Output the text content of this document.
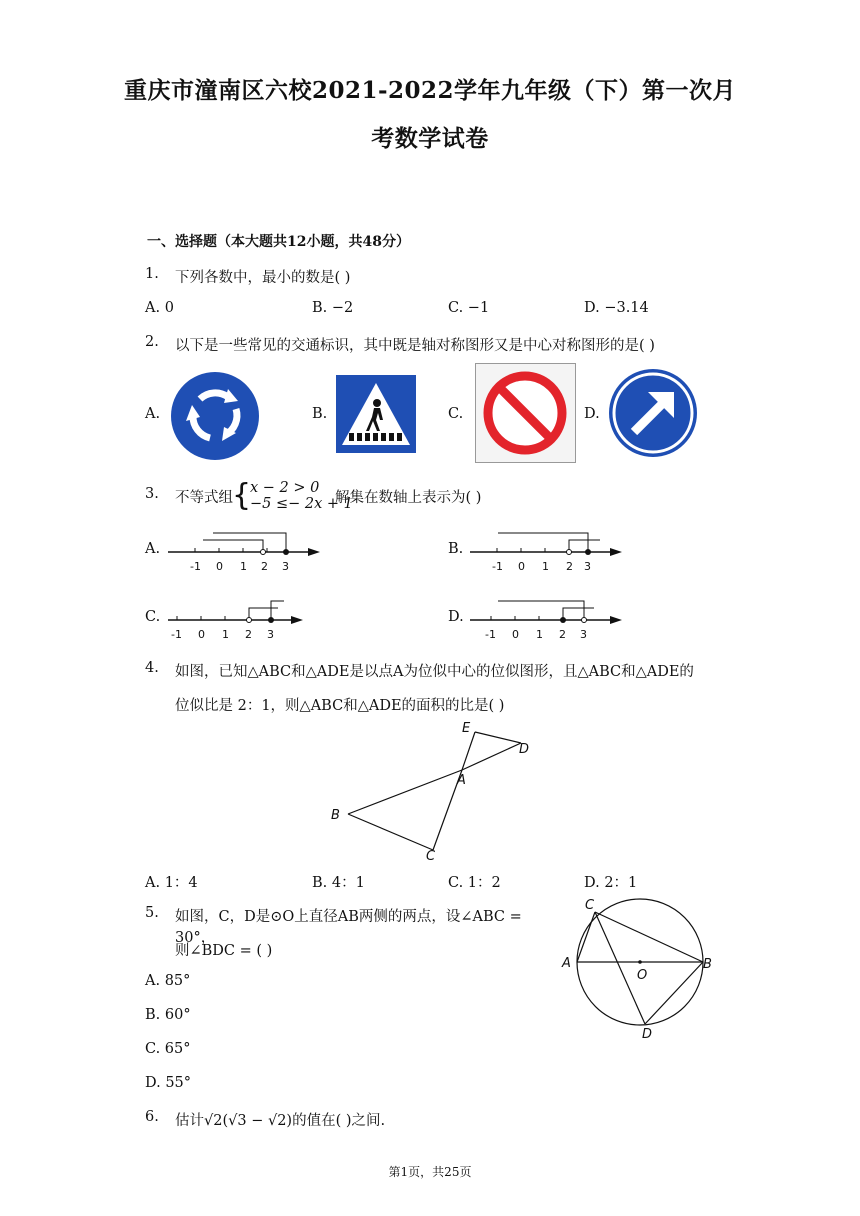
重庆市潼南区六校2021-2022学年九年级（下）第一次月
考数学试卷
一、选择题（本大题共12小题，共48分）
1. 下列各数中，最小的数是( )
A. 0	B. −2	C. −1	D. −3.14
2. 以下是一些常见的交通标识，其中既是轴对称图形又是中心对称图形的是( )
A.	B.	C.	D.
3. 不等式组 {
x − 2 > 0
−5 ≤− 2x + 1
解集在数轴上表示为( )
A.	B.
C.	D.
-1 0 1 2 3	-1 0 1 2 3
-1 0 1 2 3	-1 0 1 2 3
4. 如图，已知△ABC和△ADE是以点A为位似中心的位似图形，且△ABC和△ADE的
位似比是 2：1，则△ABC和△ADE的面积的比是( )
E
D
A
B
C
A. 1：4	B. 4：1	C. 1：2	D. 2：1
5. 如图，C，D是⊙O上直径AB两侧的两点，设∠ABC = 30°，
则∠BDC = ( )
A. 85°
B. 60°
C. 65°
D. 55°
C
A
O
B
D
6. 估计√2(√3 − √2)的值在( )之间.
第1页，共25页
